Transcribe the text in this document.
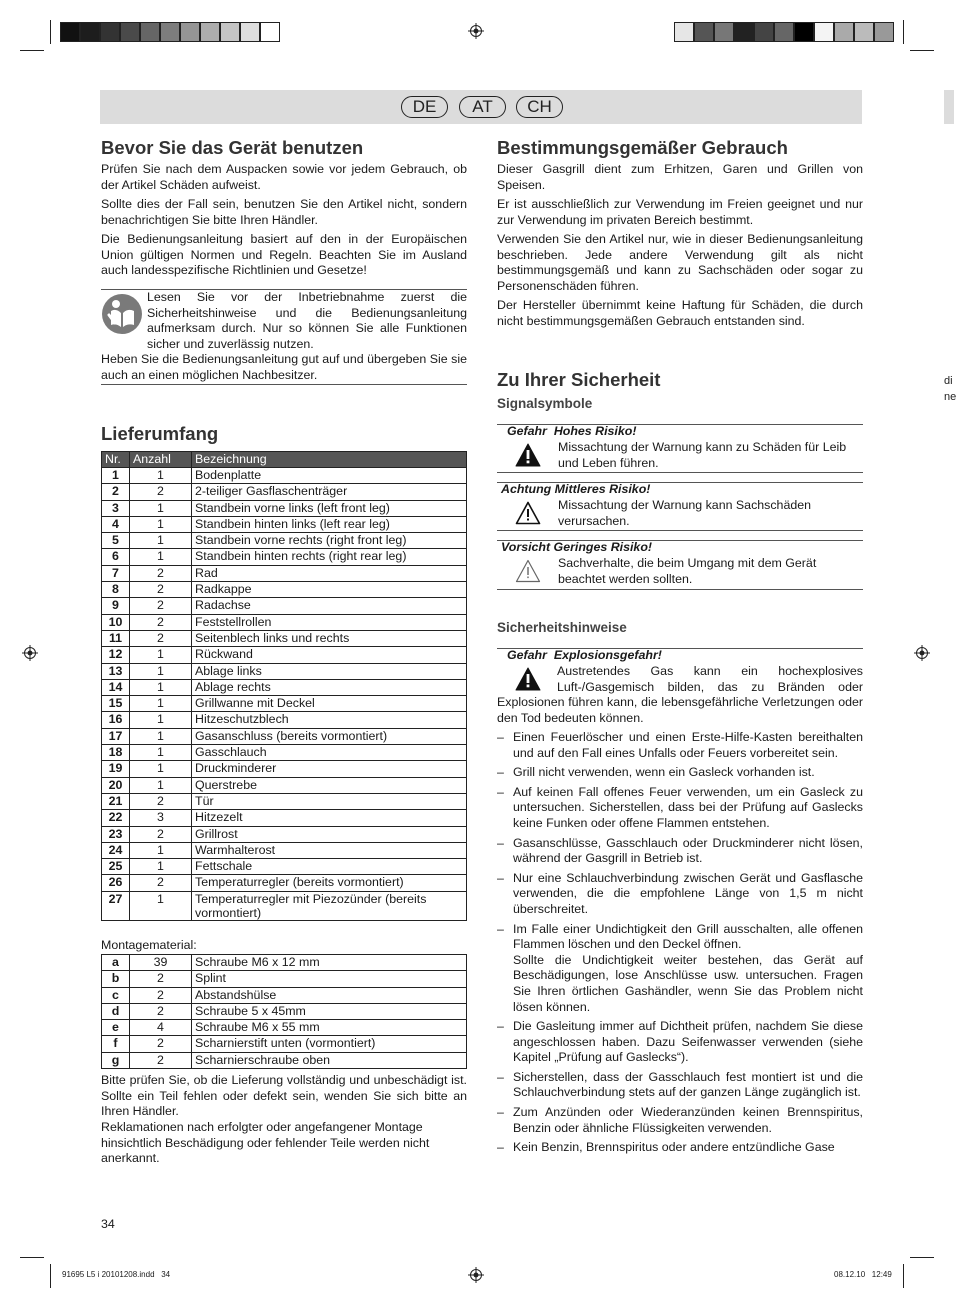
DE	AT	CH
Bevor Sie das Gerät benutzen

Prüfen Sie nach dem Auspacken sowie vor jedem Gebrauch, ob der Artikel Schäden aufweist.

Sollte dies der Fall sein, benutzen Sie den Artikel nicht, sondern benachrichtigen Sie bitte Ihren Händler.

Die Bedienungsanleitung basiert auf den in der Europäischen Union gültigen Normen und Regeln. Beachten Sie im Ausland auch landesspezifische Richtlinien und Gesetze!

Lesen Sie vor der Inbetriebnahme zuerst die Sicherheitshinweise und die Bedienungsanleitung aufmerksam durch. Nur so können Sie alle Funktionen sicher und zuverlässig nutzen.
Heben Sie die Bedienungsanleitung gut auf und übergeben Sie sie auch an einen möglichen Nachbesitzer.

Lieferumfang
Nr.	Anzahl	Bezeichnung
1	1	Bodenplatte
2	2	2-teiliger Gasflaschenträger
3	1	Standbein vorne links (left front leg)
4	1	Standbein hinten links (left rear leg)
5	1	Standbein vorne rechts (right front leg)
6	1	Standbein hinten rechts (right rear leg)
7	2	Rad
8	2	Radkappe
9	2	Radachse
10	2	Feststellrollen
11	2	Seitenblech links und rechts
12	1	Rückwand
13	1	Ablage links
14	1	Ablage rechts
15	1	Grillwanne mit Deckel
16	1	Hitzeschutzblech
17	1	Gasanschluss (bereits vormontiert)
18	1	Gasschlauch
19	1	Druckminderer
20	1	Querstrebe
21	2	Tür
22	3	Hitzezelt
23	2	Grillrost
24	1	Warmhalterost
25	1	Fettschale
26	2	Temperaturregler (bereits vormontiert)
27	1	Temperaturregler mit Piezozünder (bereits vormontiert)

Montagematerial:

a	39	Schraube M6 x 12 mm
b	2	Splint
c	2	Abstandshülse
d	2	Schraube 5 x 45mm
e	4	Schraube M6 x 55 mm
f	2	Scharnierstift unten (vormontiert)
g	2	Scharnierschraube oben

Bitte prüfen Sie, ob die Lieferung vollständig und unbeschädigt ist. Sollte ein Teil fehlen oder defekt sein, wenden Sie sich bitte an Ihren Händler.

Reklamationen nach erfolgter oder angefangener Montage hinsichtlich Beschädigung oder fehlender Teile werden nicht anerkannt.

34

Bestimmungsgemäßer Gebrauch

Dieser Gasgrill dient zum Erhitzen, Garen und Grillen von Speisen.

Er ist ausschließlich zur Verwendung im Freien geeignet und nur zur Verwendung im privaten Bereich bestimmt.

Verwenden Sie den Artikel nur, wie in dieser Bedienungsanleitung beschrieben. Jede andere Verwendung gilt als nicht bestimmungsgemäß und kann zu Sachschäden oder sogar zu Personenschäden führen.

Der Hersteller übernimmt keine Haftung für Schäden, die durch nicht bestimmungsgemäßen Gebrauch entstanden sind.

Zu Ihrer Sicherheit
Signalsymbole
Gefahr  Hohes Risiko!
Missachtung der Warnung kann zu Schäden für Leib und Leben führen.
Achtung Mittleres Risiko!
Missachtung der Warnung kann Sachschäden verursachen.
Vorsicht Geringes Risiko!
Sachverhalte, die beim Umgang mit dem Gerät beachtet werden sollten.
Sicherheitshinweise
Gefahr  Explosionsgefahr!

Austretendes Gas kann ein hochexplosives Luft-/Gasgemisch bilden, das zu Bränden oder Explosionen führen kann, die lebensgefährliche Verletzungen oder den Tod bedeuten können.

– Einen Feuerlöscher und einen Erste-Hilfe-Kasten bereithalten und auf den Fall eines Unfalls oder Feuers vorbereitet sein.
– Grill nicht verwenden, wenn ein Gasleck vorhanden ist.
– Auf keinen Fall offenes Feuer verwenden, um ein Gasleck zu untersuchen. Sicherstellen, dass bei der Prüfung auf Gaslecks keine Funken oder offene Flammen entstehen.
– Gasanschlüsse, Gasschlauch oder Druckminderer nicht lösen, während der Gasgrill in Betrieb ist.
– Nur eine Schlauchverbindung zwischen Gerät und Gasflasche verwenden, die die empfohlene Länge von 1,5 m nicht überschreitet.
– Im Falle einer Undichtigkeit den Grill ausschalten, alle offenen Flammen löschen und den Deckel öffnen.
Sollte die Undichtigkeit weiter bestehen, das Gerät auf Beschädigungen, lose Anschlüsse usw. untersuchen. Fragen Sie Ihren örtlichen Gashändler, wenn Sie das Problem nicht lösen können.
– Die Gasleitung immer auf Dichtheit prüfen, nachdem Sie diese angeschlossen haben. Dazu Seifenwasser verwenden (siehe Kapitel „Prüfung auf Gaslecks“).
– Sicherstellen, dass der Gasschlauch fest montiert ist und die Schlauchverbindung stets auf der ganzen Länge zugänglich ist.
– Zum Anzünden oder Wiederanzünden keinen Brennspiritus, Benzin oder ähnliche Flüssigkeiten verwenden.
– Kein Benzin, Brennspiritus oder andere entzündliche Gase
di
ne
91695 L5 i 20101208.indd   34	08.12.10   12:49
